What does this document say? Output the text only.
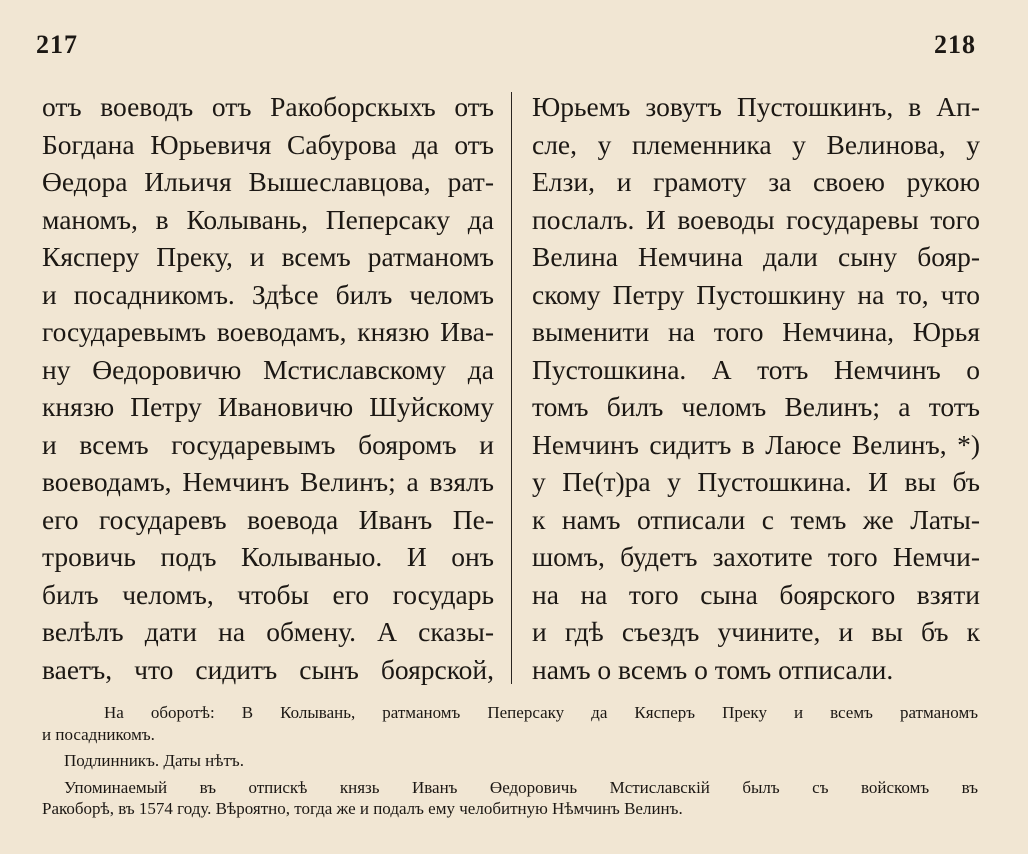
217	218
отъ воеводъ отъ Ракоборскыхъ отъ
Богдана Юрьевичя Сабурова да отъ
Өедора Ильичя Вышеславцова, рат-
маномъ, в Колывань, Пеперсаку да
Кясперу Преку, и всемъ ратманомъ
и посадникомъ. Здѣсе билъ челомъ
государевымъ воеводамъ, князю Ива-
ну Өедоровичю Мстиславскому да
князю Петру Ивановичю Шуйскому
и всемъ государевымъ бояромъ и
воеводамъ, Немчинъ Велинъ; а взялъ
его государевъ воевода Иванъ Пе-
тровичь подъ Колываныо. И онъ
билъ челомъ, чтобы его государь
велѣлъ дати на обмену. А сказы-
ваетъ, что сидитъ сынъ боярской,
Юрьемъ зовутъ Пустошкинъ, в Ап-
сле, у племенника у Велинова, у
Елзи, и грамоту за своею рукою
послалъ. И воеводы государевы того
Велина Немчина дали сыну бояр-
скому Петру Пустошкину на то, что
выменити на того Немчина, Юрья
Пустошкина. А тотъ Немчинъ о
томъ билъ челомъ Велинъ; а тотъ
Немчинъ сидитъ в Лаюсе Велинъ, *)
у Пе(т)ра у Пустошкина. И вы бъ
к намъ отписали с темъ же Латы-
шомъ, будетъ захотите того Немчи-
на на того сына боярского взяти
и гдѣ съездъ учините, и вы бъ к
намъ о всемъ о томъ отписали.
На оборотѣ: В Колывань, ратманомъ Пеперсаку да Кясперъ Преку и всемъ ратманомъ
и посадникомъ.
Подлинникъ. Даты нѣтъ.
Упоминаемый въ отпискѣ князь Иванъ Өедоровичь Мстиславскій былъ съ войскомъ въ
Ракоборѣ, въ 1574 году. Вѣроятно, тогда же и подалъ ему челобитную Нѣмчинъ Велинъ.
